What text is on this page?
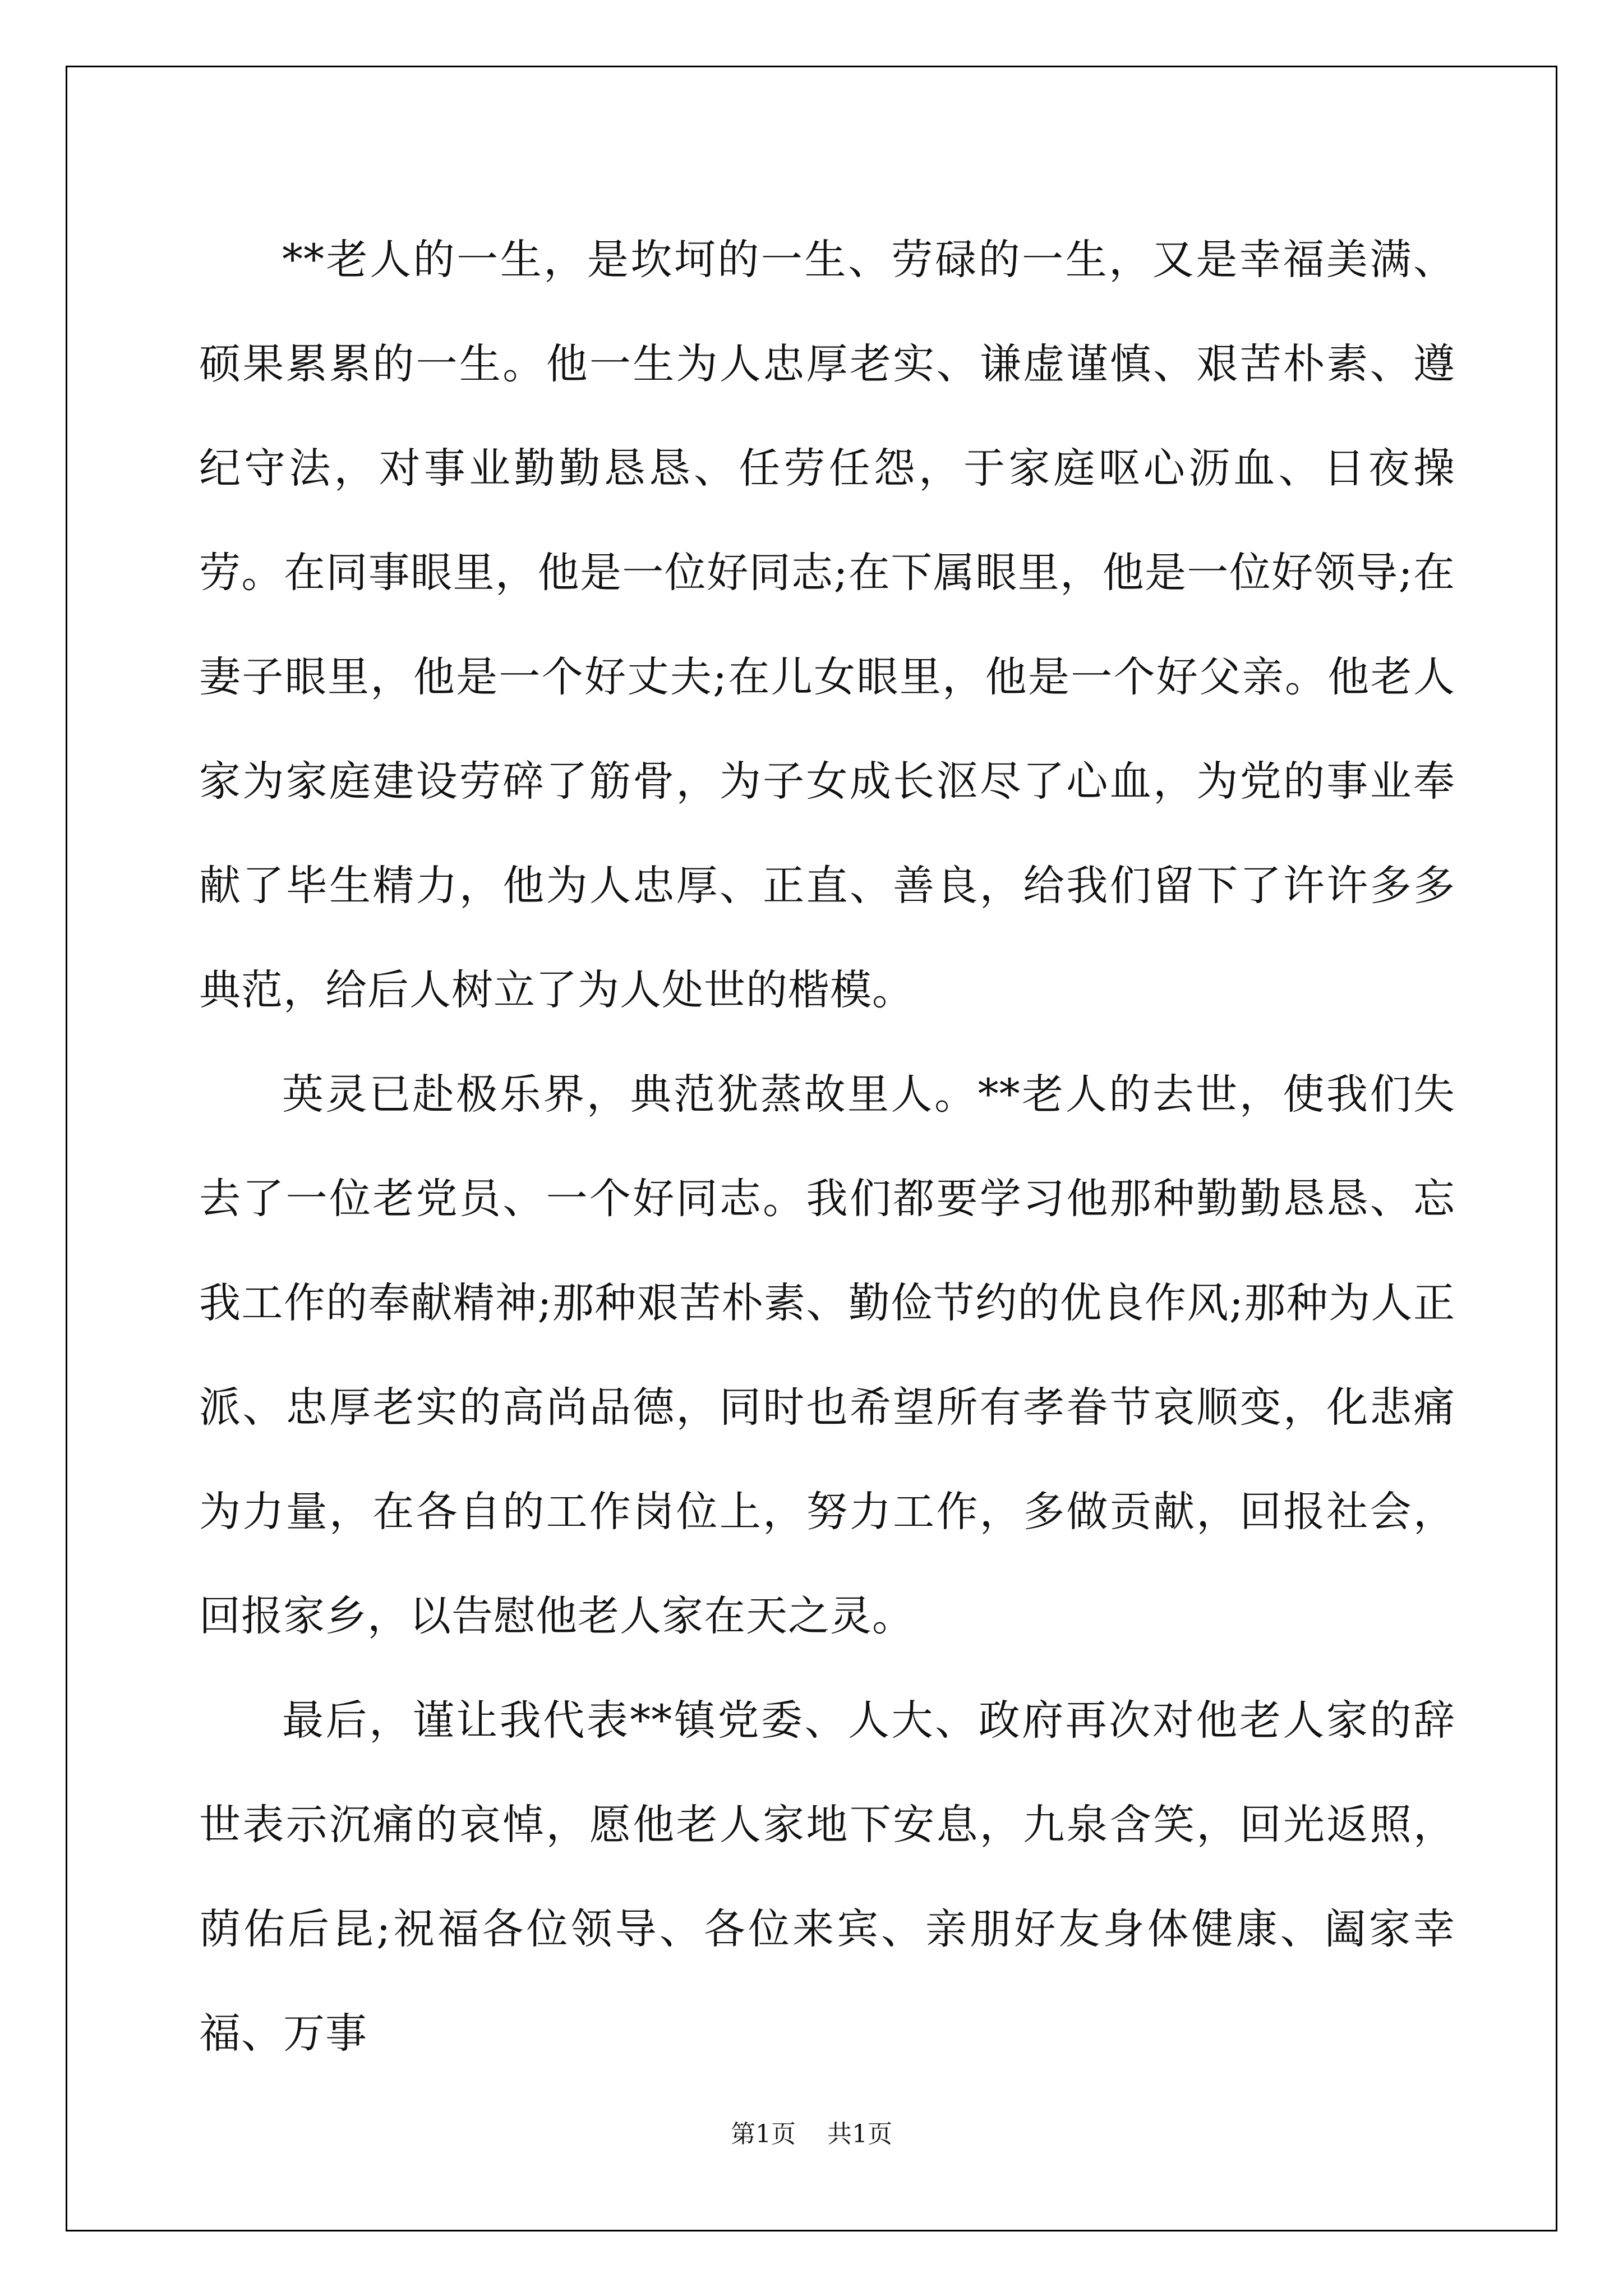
**老人的一生，是坎坷的一生、劳碌的一生，又是幸福美满、硕果累累的一生。他一生为人忠厚老实、谦虚谨慎、艰苦朴素、遵纪守法，对事业勤勤恳恳、任劳任怨，于家庭呕心沥血、日夜操劳。在同事眼里，他是一位好同志;在下属眼里，他是一位好领导;在妻子眼里，他是一个好丈夫;在儿女眼里，他是一个好父亲。他老人家为家庭建设劳碎了筋骨，为子女成长沤尽了心血，为党的事业奉献了毕生精力，他为人忠厚、正直、善良，给我们留下了许许多多典范，给后人树立了为人处世的楷模。

英灵已赴极乐界，典范犹蒸故里人。**老人的去世，使我们失去了一位老党员、一个好同志。我们都要学习他那种勤勤恳恳、忘我工作的奉献精神;那种艰苦朴素、勤俭节约的优良作风;那种为人正派、忠厚老实的高尚品德，同时也希望所有孝眷节哀顺变，化悲痛为力量，在各自的工作岗位上，努力工作，多做贡献，回报社会，回报家乡，以告慰他老人家在天之灵。

最后，谨让我代表**镇党委、人大、政府再次对他老人家的辞世表示沉痛的哀悼，愿他老人家地下安息，九泉含笑，回光返照，荫佑后昆;祝福各位领导、各位来宾、亲朋好友身体健康、阖家幸福、万事

第1页    共1页
